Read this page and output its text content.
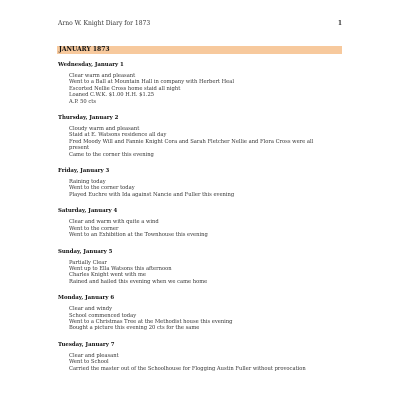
Arno W. Knight Diary for 1873	1
JANUARY 1873
Wednesday, January 1
Clear warm and pleasant
Went to a Ball at Mountain Hall in company with Herbert Heal
Escorted Nellie Cross home staid all night
Loaned C.W.K. $1.00 H.H. $1.25
A.P. 50 cts
Thursday, January 2
Cloudy warm and pleasant
Staid at E. Watsons residence all day
Fred Moody Will and Fannie Knight Cora and Sarah Fletcher Nellie and Flora Cross were all
present
Came to the corner this evening
Friday, January 3
Raining today
Went to the corner today
Played Euchre with Ida against Nancie and Fuller this evening
Saturday, January 4
Clear and warm with quite a wind
Went to the corner
Went to an Exhibition at the Townhouse this evening
Sunday, January 5
Partially Clear
Went up to Ella Watsons this afternoon
Charles Knight went with me
Rained and hailed this evening when we came home
Monday, January 6
Clear and windy
School commenced today
Went to a Christmas Tree at the Methodist house this evening
Bought a picture this evening 20 cts for the same
Tuesday, January 7
Clear and pleasant
Went to School
Carried the master out of the Schoolhouse for Flogging Austin Fuller without provocation
